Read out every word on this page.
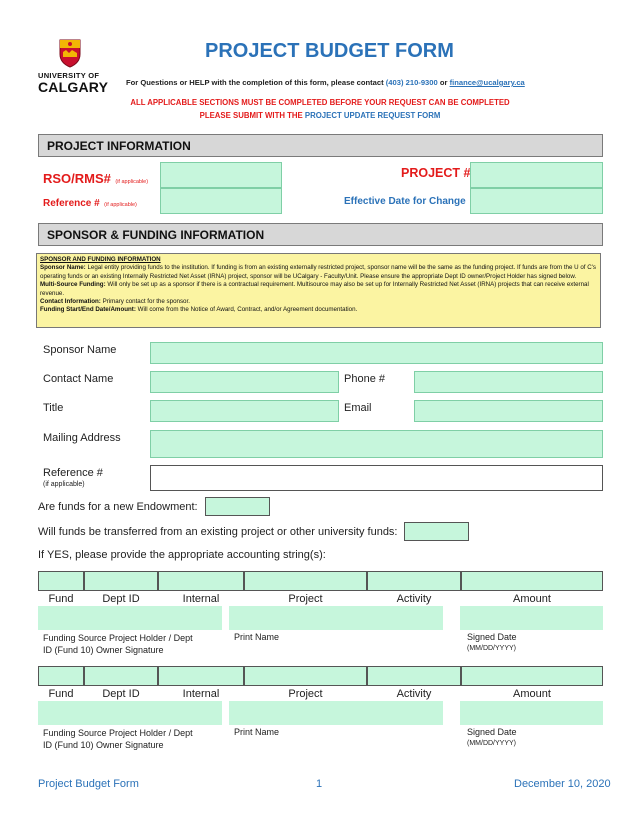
UNIVERSITY OF
CALGARY
PROJECT BUDGET FORM
For Questions or HELP with the completion of this form, please contact (403) 210-9300 or finance@ucalgary.ca
ALL APPLICABLE SECTIONS MUST BE COMPLETED BEFORE YOUR REQUEST CAN BE COMPLETED
PLEASE SUBMIT WITH THE PROJECT UPDATE REQUEST FORM
PROJECT INFORMATION
RSO/RMS# (if applicable)
Reference # (if applicable)
PROJECT #
Effective Date for Change
SPONSOR & FUNDING INFORMATION
SPONSOR AND FUNDING INFORMATION
Sponsor Name: Legal entity providing funds to the institution. If funding is from an existing externally restricted project, sponsor name will be the same as the funding project. If funds are from the U of C's operating funds or an existing Internally Restricted Net Asset (IRNA) project, sponsor will be UCalgary - Faculty/Unit. Please ensure the appropriate Dept ID owner/Project Holder has signed below.
Multi-Source Funding: Will only be set up as a sponsor if there is a contractual requirement. Multisource may also be set up for Internally Restricted Net Asset (IRNA) projects that can receive external revenue.
Contact Information: Primary contact for the sponsor.
Funding Start/End Date/Amount: Will come from the Notice of Award, Contract, and/or Agreement documentation.
Sponsor Name
Contact Name	Phone #
Title	Email
Mailing Address
Reference #
(if applicable)
Are funds for a new Endowment:
Will funds be transferred from an existing project or other university funds:
If YES, please provide the appropriate accounting string(s):
Fund	Dept ID	Internal	Project	Activity	Amount
Funding Source Project Holder / Dept
ID (Fund 10) Owner Signature
Print Name	Signed Date
(MM/DD/YYYY)
Fund	Dept ID	Internal	Project	Activity	Amount
Funding Source Project Holder / Dept
ID (Fund 10) Owner Signature
Print Name	Signed Date
(MM/DD/YYYY)
Project Budget Form	1	December 10, 2020
